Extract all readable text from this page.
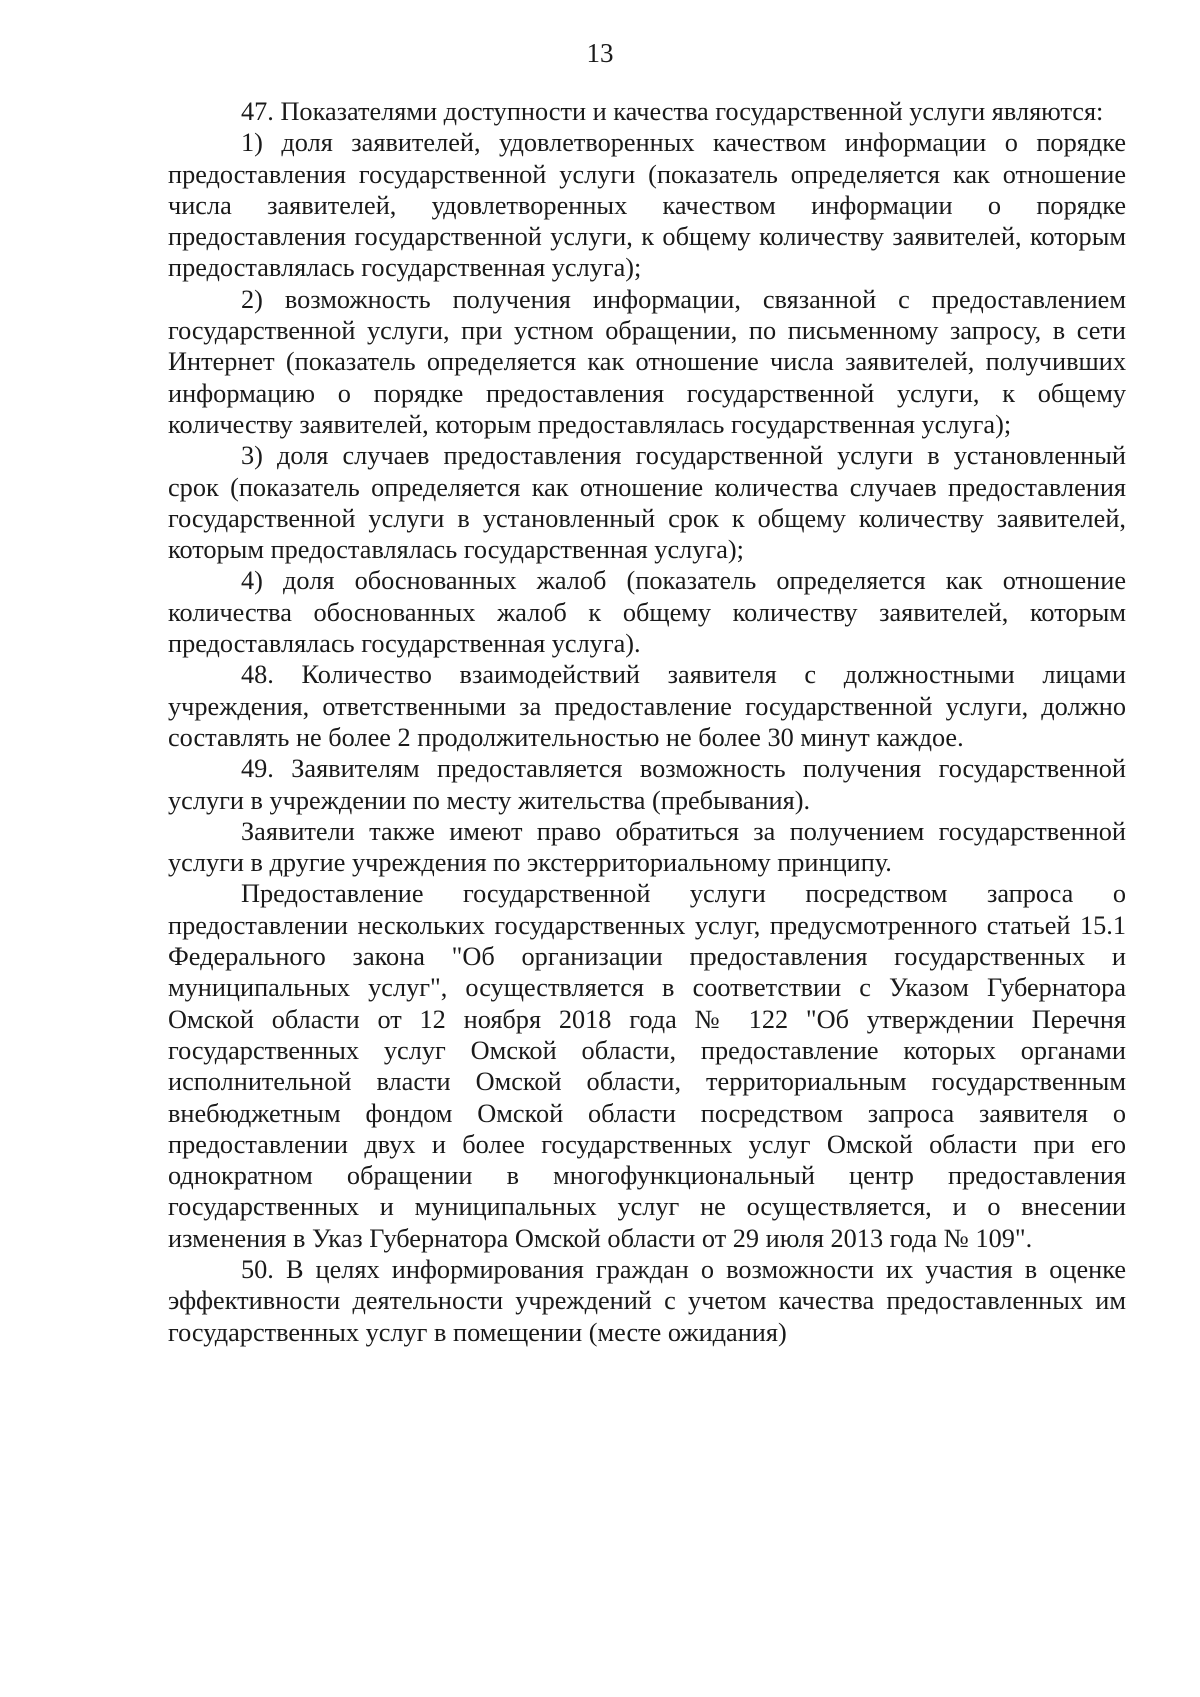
13

47. Показателями доступности и качества государственной услуги являются:

1) доля заявителей, удовлетворенных качеством информации о порядке предоставления государственной услуги (показатель определяется как отношение числа заявителей, удовлетворенных качеством информации о порядке предоставления государственной услуги, к общему количеству заявителей, которым предоставлялась государственная услуга);

2) возможность получения информации, связанной с предоставлением государственной услуги, при устном обращении, по письменному запросу, в сети Интернет (показатель определяется как отношение числа заявителей, получивших информацию о порядке предоставления государственной услуги, к общему количеству заявителей, которым предоставлялась государственная услуга);

3) доля случаев предоставления государственной услуги в установленный срок (показатель определяется как отношение количества случаев предоставления государственной услуги в установленный срок к общему количеству заявителей, которым предоставлялась государственная услуга);

4) доля обоснованных жалоб (показатель определяется как отношение количества обоснованных жалоб к общему количеству заявителей, которым предоставлялась государственная услуга).

48. Количество взаимодействий заявителя с должностными лицами учреждения, ответственными за предоставление государственной услуги, должно составлять не более 2 продолжительностью не более 30 минут каждое.

49. Заявителям предоставляется возможность получения государственной услуги в учреждении по месту жительства (пребывания).

Заявители также имеют право обратиться за получением государственной услуги в другие учреждения по экстерриториальному принципу.

Предоставление государственной услуги посредством запроса о предоставлении нескольких государственных услуг, предусмотренного статьей 15.1 Федерального закона "Об организации предоставления государственных и муниципальных услуг", осуществляется в соответствии с Указом Губернатора Омской области от 12 ноября 2018 года № 122 "Об утверждении Перечня государственных услуг Омской области, предоставление которых органами исполнительной власти Омской области, территориальным государственным внебюджетным фондом Омской области посредством запроса заявителя о предоставлении двух и более государственных услуг Омской области при его однократном обращении в многофункциональный центр предоставления государственных и муниципальных услуг не осуществляется, и о внесении изменения в Указ Губернатора Омской области от 29 июля 2013 года № 109".

50. В целях информирования граждан о возможности их участия в оценке эффективности деятельности учреждений с учетом качества предоставленных им государственных услуг в помещении (месте ожидания)
